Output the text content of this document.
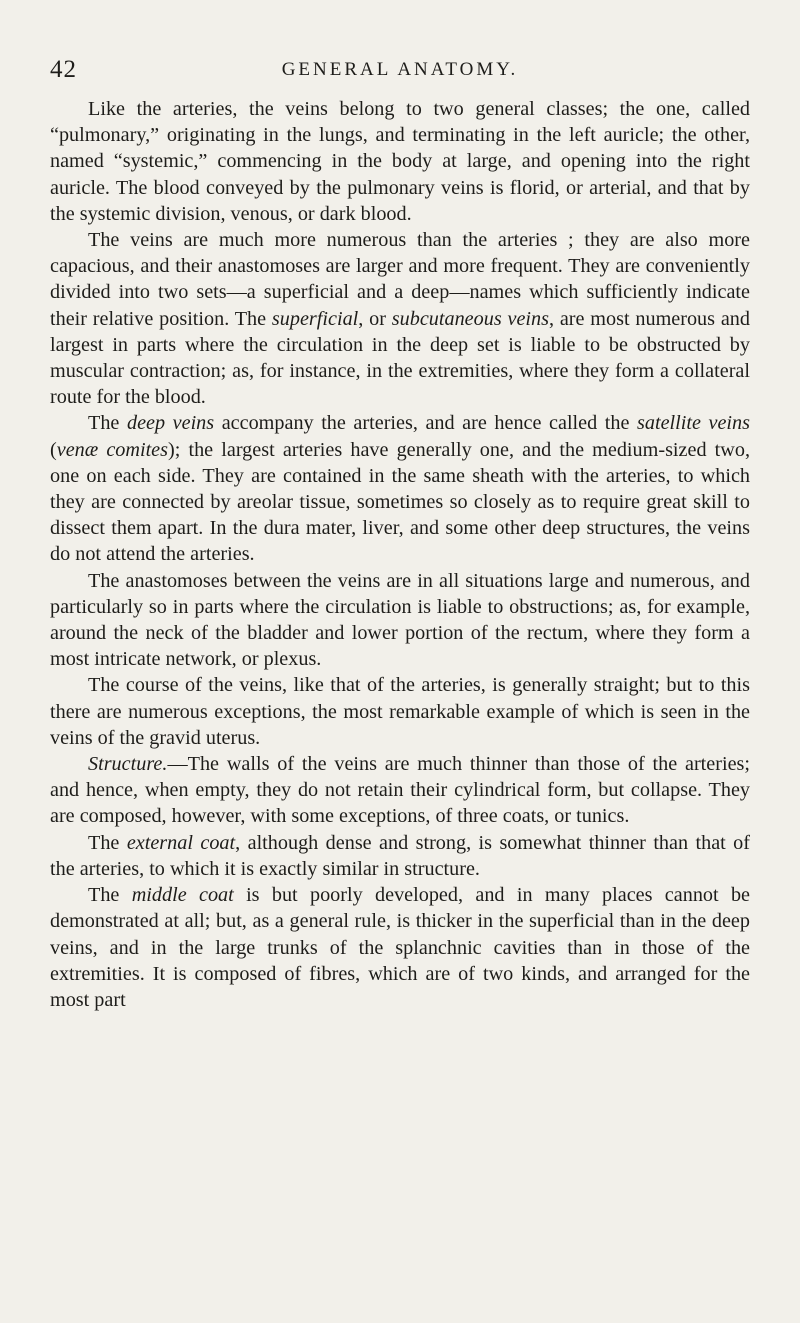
42	GENERAL ANATOMY.

Like the arteries, the veins belong to two general classes; the one, called “pulmonary,” originating in the lungs, and terminating in the left auricle; the other, named “systemic,” commencing in the body at large, and opening into the right auricle. The blood conveyed by the pulmonary veins is florid, or arterial, and that by the systemic division, venous, or dark blood.

The veins are much more numerous than the arteries ; they are also more capacious, and their anastomoses are larger and more frequent. They are conveniently divided into two sets—a superficial and a deep—names which sufficiently indicate their relative position. The superficial, or subcutaneous veins, are most numerous and largest in parts where the circulation in the deep set is liable to be obstructed by muscular contraction; as, for instance, in the extremities, where they form a collateral route for the blood.

The deep veins accompany the arteries, and are hence called the satellite veins (venæ comites); the largest arteries have generally one, and the medium-sized two, one on each side. They are contained in the same sheath with the arteries, to which they are connected by areolar tissue, sometimes so closely as to require great skill to dissect them apart. In the dura mater, liver, and some other deep structures, the veins do not attend the arteries.

The anastomoses between the veins are in all situations large and numerous, and particularly so in parts where the circulation is liable to obstructions; as, for example, around the neck of the bladder and lower portion of the rectum, where they form a most intricate network, or plexus.

The course of the veins, like that of the arteries, is generally straight; but to this there are numerous exceptions, the most remarkable example of which is seen in the veins of the gravid uterus.

Structure.—The walls of the veins are much thinner than those of the arteries; and hence, when empty, they do not retain their cylindrical form, but collapse. They are composed, however, with some exceptions, of three coats, or tunics.

The external coat, although dense and strong, is somewhat thinner than that of the arteries, to which it is exactly similar in structure.

The middle coat is but poorly developed, and in many places cannot be demonstrated at all; but, as a general rule, is thicker in the superficial than in the deep veins, and in the large trunks of the splanchnic cavities than in those of the extremities. It is composed of fibres, which are of two kinds, and arranged for the most part
